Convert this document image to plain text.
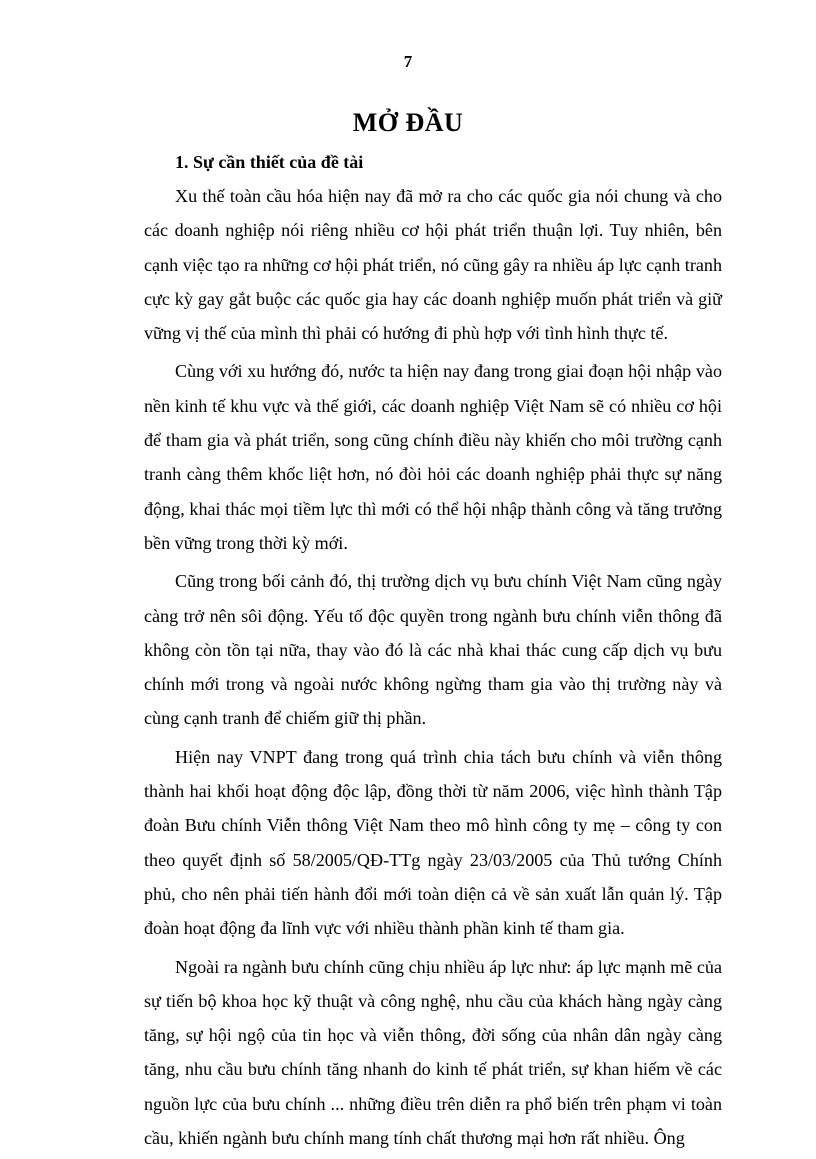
7
MỞ ĐẦU

1. Sự cần thiết của đề tài

Xu thế toàn cầu hóa hiện nay đã mở ra cho các quốc gia nói chung và cho các doanh nghiệp nói riêng nhiều cơ hội phát triển thuận lợi. Tuy nhiên, bên cạnh việc tạo ra những cơ hội phát triển, nó cũng gây ra nhiều áp lực cạnh tranh cực kỳ gay gắt buộc các quốc gia hay các doanh nghiệp muốn phát triển và giữ vững vị thế của mình thì phải có hướng đi phù hợp với tình hình thực tế.

Cùng với xu hướng đó, nước ta hiện nay đang trong giai đoạn hội nhập vào nền kinh tế khu vực và thế giới, các doanh nghiệp Việt Nam sẽ có nhiều cơ hội để tham gia và phát triển, song cũng chính điều này khiến cho môi trường cạnh tranh càng thêm khốc liệt hơn, nó đòi hỏi các doanh nghiệp phải thực sự năng động, khai thác mọi tiềm lực thì mới có thể hội nhập thành công và tăng trưởng bền vững trong thời kỳ mới.

Cũng trong bối cảnh đó, thị trường dịch vụ bưu chính Việt Nam cũng ngày càng trở nên sôi động. Yếu tố độc quyền trong ngành bưu chính viễn thông đã không còn tồn tại nữa, thay vào đó là các nhà khai thác cung cấp dịch vụ bưu chính mới trong và ngoài nước không ngừng tham gia vào thị trường này và cùng cạnh tranh để chiếm giữ thị phần.

Hiện nay VNPT đang trong quá trình chia tách bưu chính và viễn thông thành hai khối hoạt động độc lập, đồng thời từ năm 2006, việc hình thành Tập đoàn Bưu chính Viễn thông Việt Nam theo mô hình công ty mẹ – công ty con theo quyết định số 58/2005/QĐ-TTg ngày 23/03/2005 của Thủ tướng Chính phủ, cho nên phải tiến hành đổi mới toàn diện cả về sản xuất lẫn quản lý. Tập đoàn hoạt động đa lĩnh vực với nhiều thành phần kinh tế tham gia.

Ngoài ra ngành bưu chính cũng chịu nhiều áp lực như: áp lực mạnh mẽ của sự tiến bộ khoa học kỹ thuật và công nghệ, nhu cầu của khách hàng ngày càng tăng, sự hội ngộ của tin học và viễn thông, đời sống của nhân dân ngày càng tăng, nhu cầu bưu chính tăng nhanh do kinh tế phát triển, sự khan hiếm về các nguồn lực của bưu chính ... những điều trên diễn ra phổ biến trên phạm vi toàn cầu, khiến ngành bưu chính mang tính chất thương mại hơn rất nhiều. Ông
